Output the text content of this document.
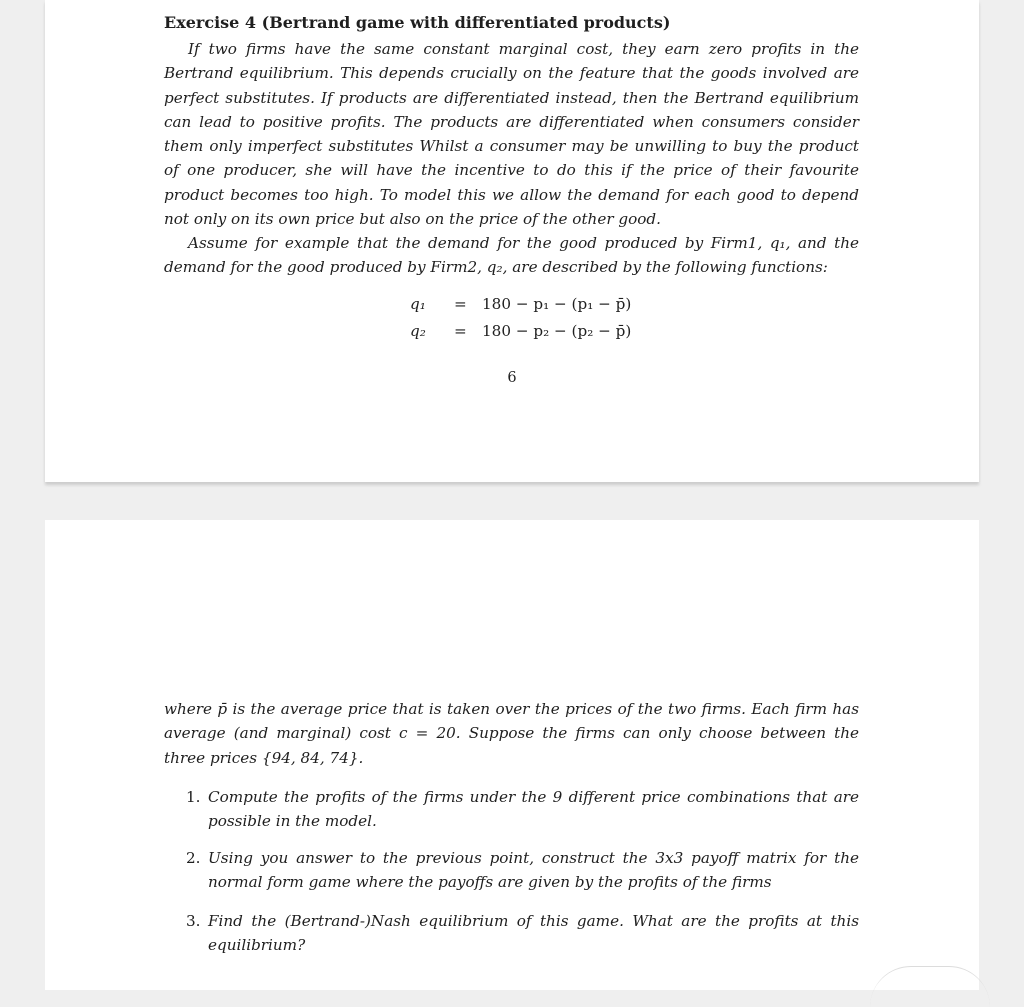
Exercise 4 (Bertrand game with differentiated products)
If two firms have the same constant marginal cost, they earn zero profits in the Bertrand equilibrium. This depends crucially on the feature that the goods involved are perfect substitutes. If products are differentiated instead, then the Bertrand equilibrium can lead to positive profits. The products are differentiated when consumers consider them only imperfect substitutes Whilst a consumer may be unwilling to buy the product of one producer, she will have the incentive to do this if the price of their favourite product becomes too high. To model this we allow the demand for each good to depend not only on its own price but also on the price of the other good.
Assume for example that the demand for the good produced by Firm1, q₁, and the demand for the good produced by Firm2, q₂, are described by the following functions:
q₁ = 180 − p₁ − (p₁ − p̄)
q₂ = 180 − p₂ − (p₂ − p̄)
6
where p̄ is the average price that is taken over the prices of the two firms. Each firm has average (and marginal) cost c = 20. Suppose the firms can only choose between the three prices {94, 84, 74}.
1. Compute the profits of the firms under the 9 different price combinations that are possible in the model.
2. Using you answer to the previous point, construct the 3x3 payoff matrix for the normal form game where the payoffs are given by the profits of the firms
3. Find the (Bertrand-)Nash equilibrium of this game. What are the profits at this equilibrium?
